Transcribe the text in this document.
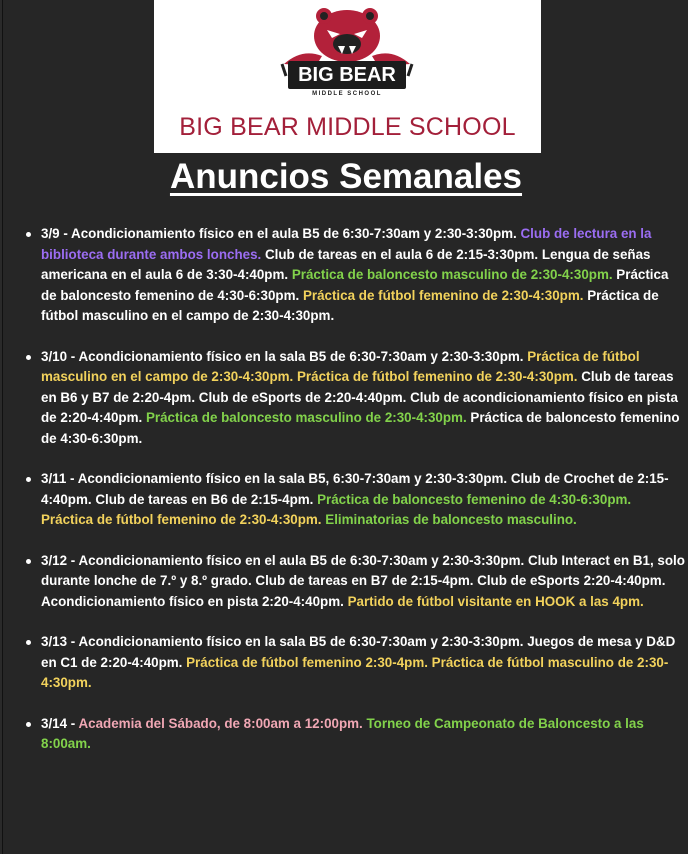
BIG BEAR
MIDDLE SCHOOL
BIG BEAR MIDDLE SCHOOL
Anuncios Semanales
3/9 - Acondicionamiento físico en el aula B5 de 6:30-7:30am y 2:30-3:30pm. Club de lectura en la biblioteca durante ambos lonches. Club de tareas en el aula 6 de 2:15-3:30pm. Lengua de señas americana en el aula 6 de 3:30-4:40pm. Práctica de baloncesto masculino de 2:30-4:30pm. Práctica de baloncesto femenino de 4:30-6:30pm. Práctica de fútbol femenino de 2:30-4:30pm. Práctica de fútbol masculino en el campo de 2:30-4:30pm.
3/10 - Acondicionamiento físico en la sala B5 de 6:30-7:30am y 2:30-3:30pm. Práctica de fútbol masculino en el campo de 2:30-4:30pm. Práctica de fútbol femenino de 2:30-4:30pm. Club de tareas en B6 y B7 de 2:20-4pm. Club de eSports de 2:20-4:40pm. Club de acondicionamiento físico en pista de 2:20-4:40pm. Práctica de baloncesto masculino de 2:30-4:30pm. Práctica de baloncesto femenino de 4:30-6:30pm.
3/11 - Acondicionamiento físico en la sala B5, 6:30-7:30am y 2:30-3:30pm. Club de Crochet de 2:15-4:40pm. Club de tareas en B6 de 2:15-4pm. Práctica de baloncesto femenino de 4:30-6:30pm. Práctica de fútbol femenino de 2:30-4:30pm. Eliminatorias de baloncesto masculino.
3/12 - Acondicionamiento físico en el aula B5 de 6:30-7:30am y 2:30-3:30pm. Club Interact en B1, solo durante lonche de 7.º y 8.º grado. Club de tareas en B7 de 2:15-4pm. Club de eSports 2:20-4:40pm. Acondicionamiento físico en pista 2:20-4:40pm. Partido de fútbol visitante en HOOK a las 4pm.
3/13 - Acondicionamiento físico en la sala B5 de 6:30-7:30am y 2:30-3:30pm. Juegos de mesa y D&D en C1 de 2:20-4:40pm. Práctica de fútbol femenino 2:30-4pm. Práctica de fútbol masculino de 2:30-4:30pm.
3/14 - Academia del Sábado, de 8:00am a 12:00pm. Torneo de Campeonato de Baloncesto a las 8:00am.
